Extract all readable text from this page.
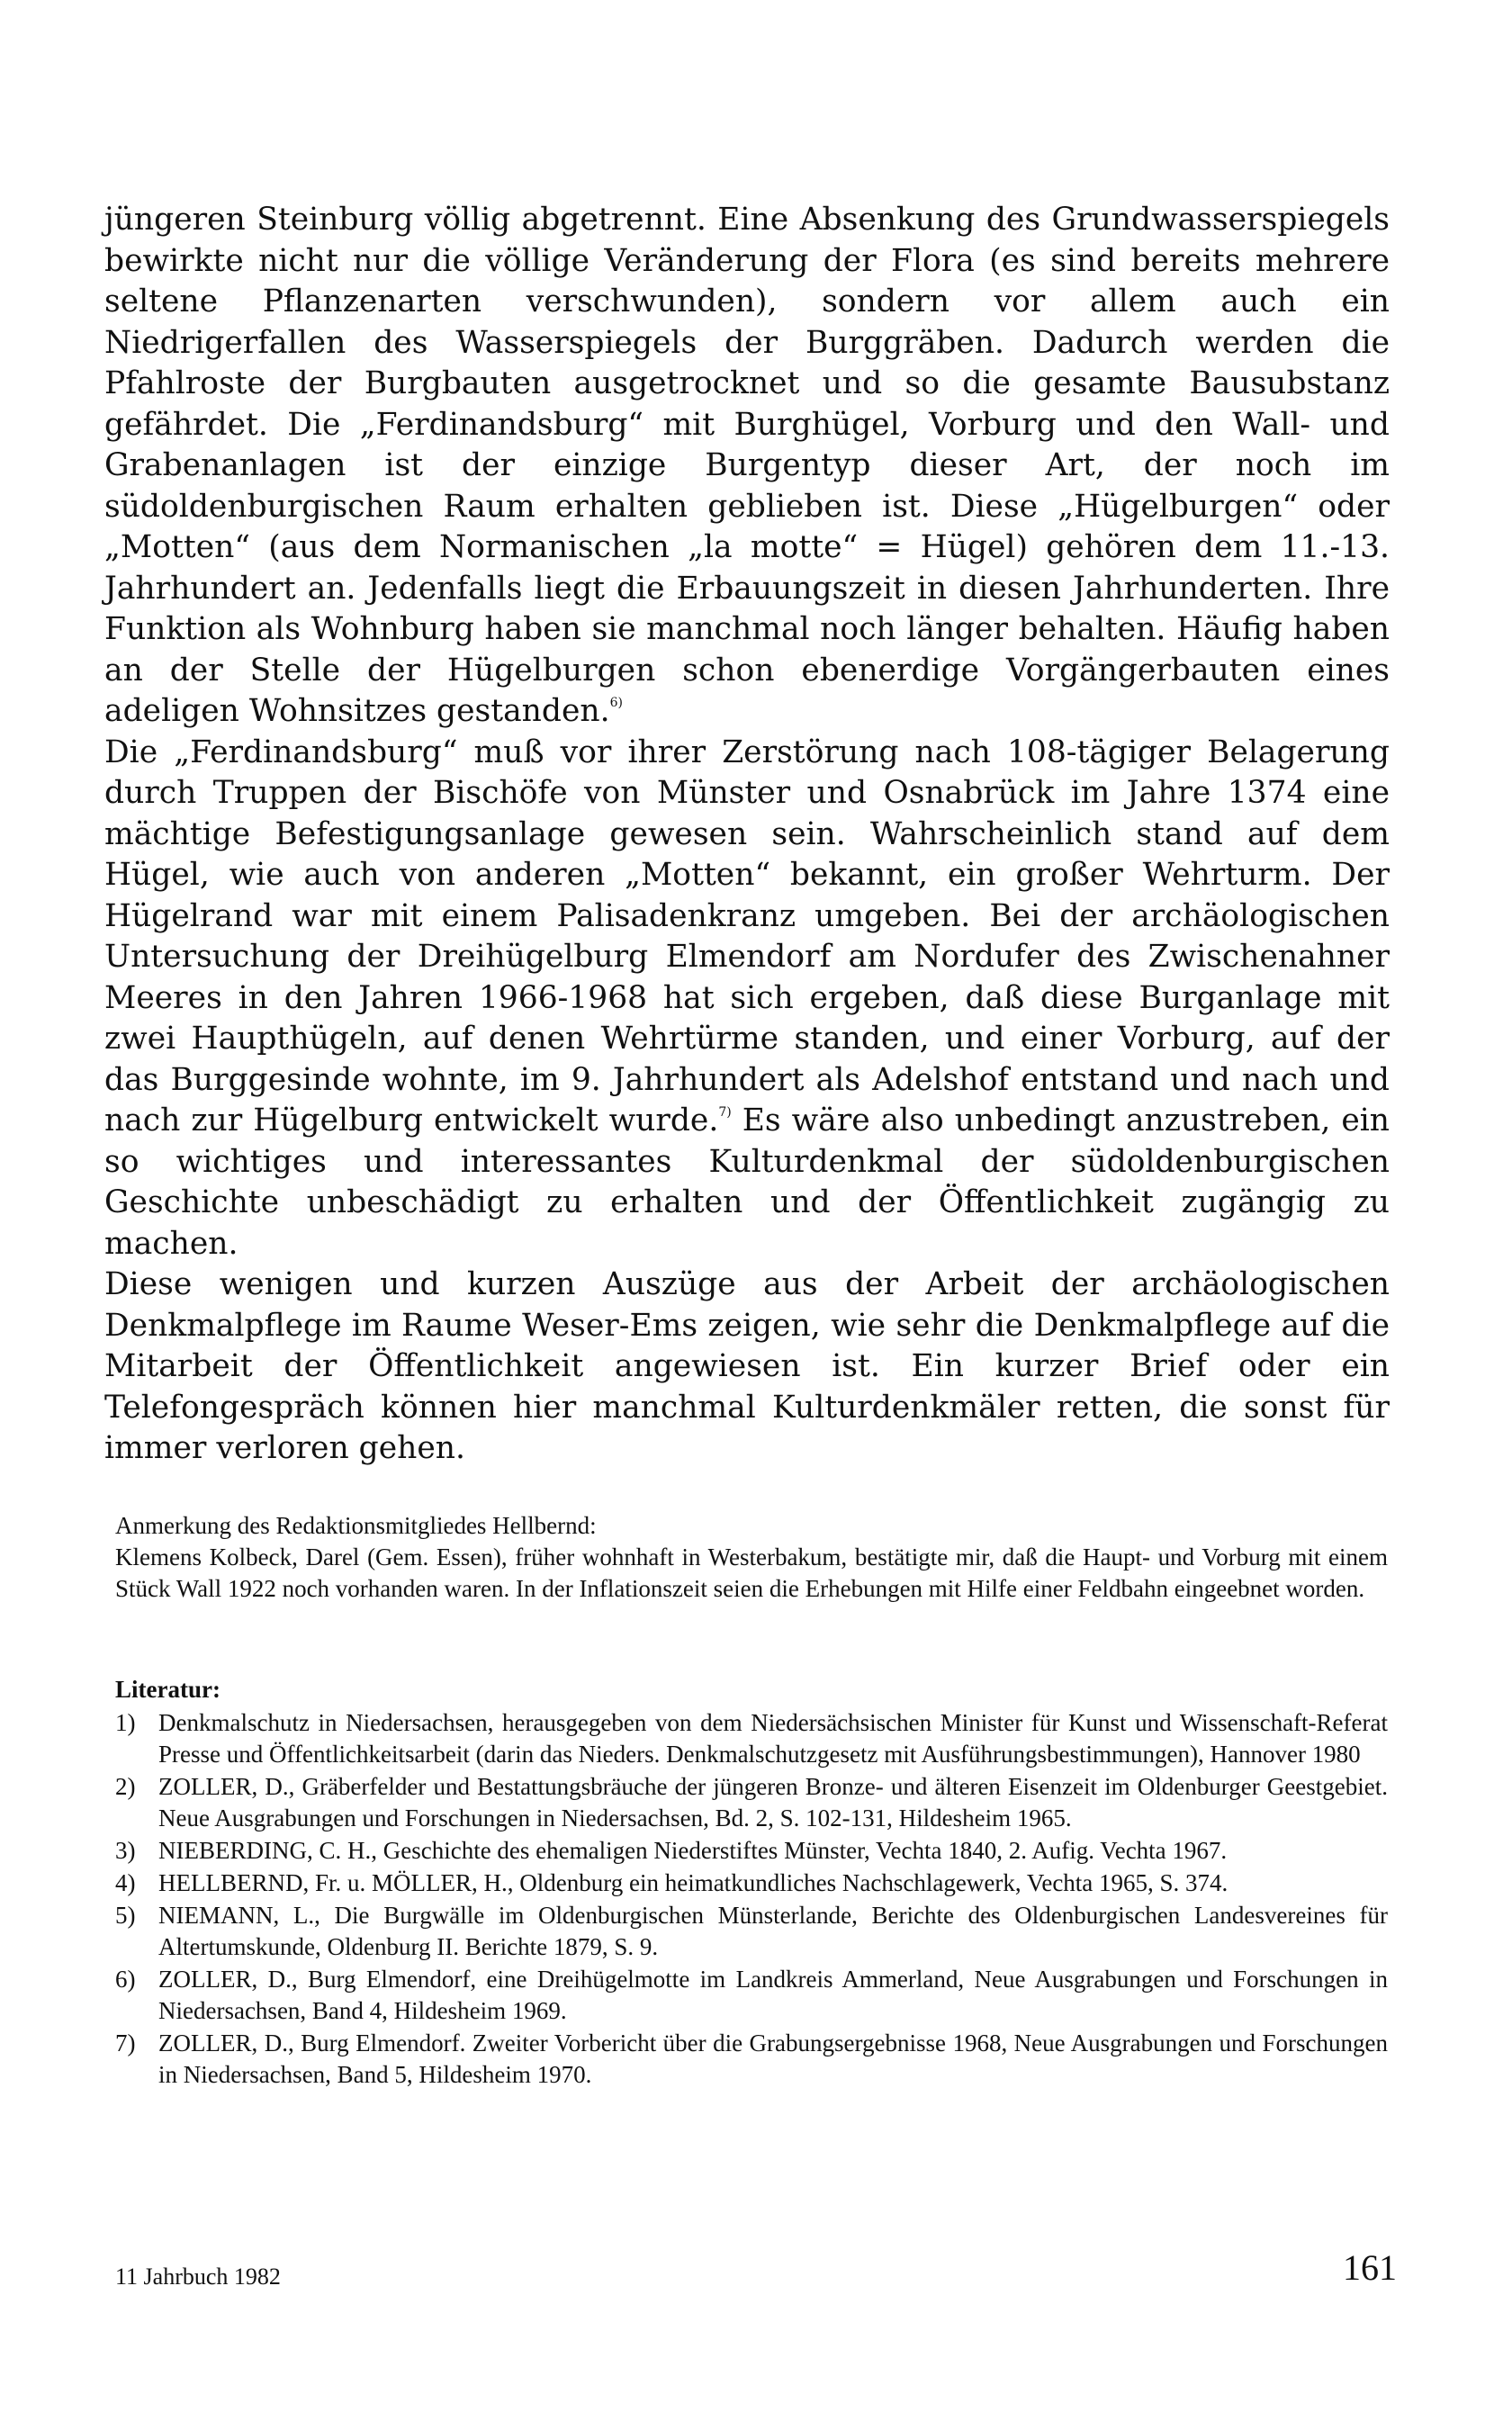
jüngeren Steinburg völlig abgetrennt. Eine Absenkung des Grundwasserspiegels bewirkte nicht nur die völlige Veränderung der Flora (es sind bereits mehrere seltene Pflanzenarten verschwunden), sondern vor allem auch ein Niedrigerfallen des Wasserspiegels der Burggräben. Dadurch werden die Pfahlroste der Burgbauten ausgetrocknet und so die gesamte Bausubstanz gefährdet. Die „Ferdinandsburg“ mit Burghügel, Vorburg und den Wall- und Grabenanlagen ist der einzige Burgentyp dieser Art, der noch im südoldenburgischen Raum erhalten geblieben ist. Diese „Hügelburgen“ oder „Motten“ (aus dem Normanischen „la motte“ = Hügel) gehören dem 11.-13. Jahrhundert an. Jedenfalls liegt die Erbauungszeit in diesen Jahrhunderten. Ihre Funktion als Wohnburg haben sie manchmal noch länger behalten. Häufig haben an der Stelle der Hügelburgen schon ebenerdige Vorgängerbauten eines adeligen Wohnsitzes gestanden.$^{6)}$

Die „Ferdinandsburg“ muß vor ihrer Zerstörung nach 108-tägiger Belagerung durch Truppen der Bischöfe von Münster und Osnabrück im Jahre 1374 eine mächtige Befestigungsanlage gewesen sein. Wahrscheinlich stand auf dem Hügel, wie auch von anderen „Motten“ bekannt, ein großer Wehrturm. Der Hügelrand war mit einem Palisadenkranz umgeben. Bei der archäologischen Untersuchung der Dreihügelburg Elmendorf am Nordufer des Zwischenahner Meeres in den Jahren 1966-1968 hat sich ergeben, daß diese Burganlage mit zwei Haupthügeln, auf denen Wehrtürme standen, und einer Vorburg, auf der das Burggesinde wohnte, im 9. Jahrhundert als Adelshof entstand und nach und nach zur Hügelburg entwickelt wurde.$^{7)}$ Es wäre also unbedingt anzustreben, ein so wichtiges und interessantes Kulturdenkmal der südoldenburgischen Geschichte unbeschädigt zu erhalten und der Öffentlichkeit zugängig zu machen.

Diese wenigen und kurzen Auszüge aus der Arbeit der archäologischen Denkmalpflege im Raume Weser-Ems zeigen, wie sehr die Denkmalpflege auf die Mitarbeit der Öffentlichkeit angewiesen ist. Ein kurzer Brief oder ein Telefongespräch können hier manchmal Kulturdenkmäler retten, die sonst für immer verloren gehen.

Anmerkung des Redaktionsmitgliedes Hellbernd:

Klemens Kolbeck, Darel (Gem. Essen), früher wohnhaft in Westerbakum, bestätigte mir, daß die Haupt- und Vorburg mit einem Stück Wall 1922 noch vorhanden waren. In der Inflationszeit seien die Erhebungen mit Hilfe einer Feldbahn eingeebnet worden.

Literatur:

1) Denkmalschutz in Niedersachsen, herausgegeben von dem Niedersächsischen Minister für Kunst und Wissenschaft-Referat Presse und Öffentlichkeitsarbeit (darin das Nieders. Denkmalschutzgesetz mit Ausführungsbestimmungen), Hannover 1980
2) ZOLLER, D., Gräberfelder und Bestattungsbräuche der jüngeren Bronze- und älteren Eisenzeit im Oldenburger Geestgebiet. Neue Ausgrabungen und Forschungen in Niedersachsen, Bd. 2, S. 102-131, Hildesheim 1965.
3) NIEBERDING, C. H., Geschichte des ehemaligen Niederstiftes Münster, Vechta 1840, 2. Aufig. Vechta 1967.
4) HELLBERND, Fr. u. MÖLLER, H., Oldenburg ein heimatkundliches Nachschlagewerk, Vechta 1965, S. 374.
5) NIEMANN, L., Die Burgwälle im Oldenburgischen Münsterlande, Berichte des Oldenburgischen Landesvereines für Altertumskunde, Oldenburg II. Berichte 1879, S. 9.
6) ZOLLER, D., Burg Elmendorf, eine Dreihügelmotte im Landkreis Ammerland, Neue Ausgrabungen und Forschungen in Niedersachsen, Band 4, Hildesheim 1969.
7) ZOLLER, D., Burg Elmendorf. Zweiter Vorbericht über die Grabungsergebnisse 1968, Neue Ausgrabungen und Forschungen in Niedersachsen, Band 5, Hildesheim 1970.
11 Jahrbuch 1982	161
